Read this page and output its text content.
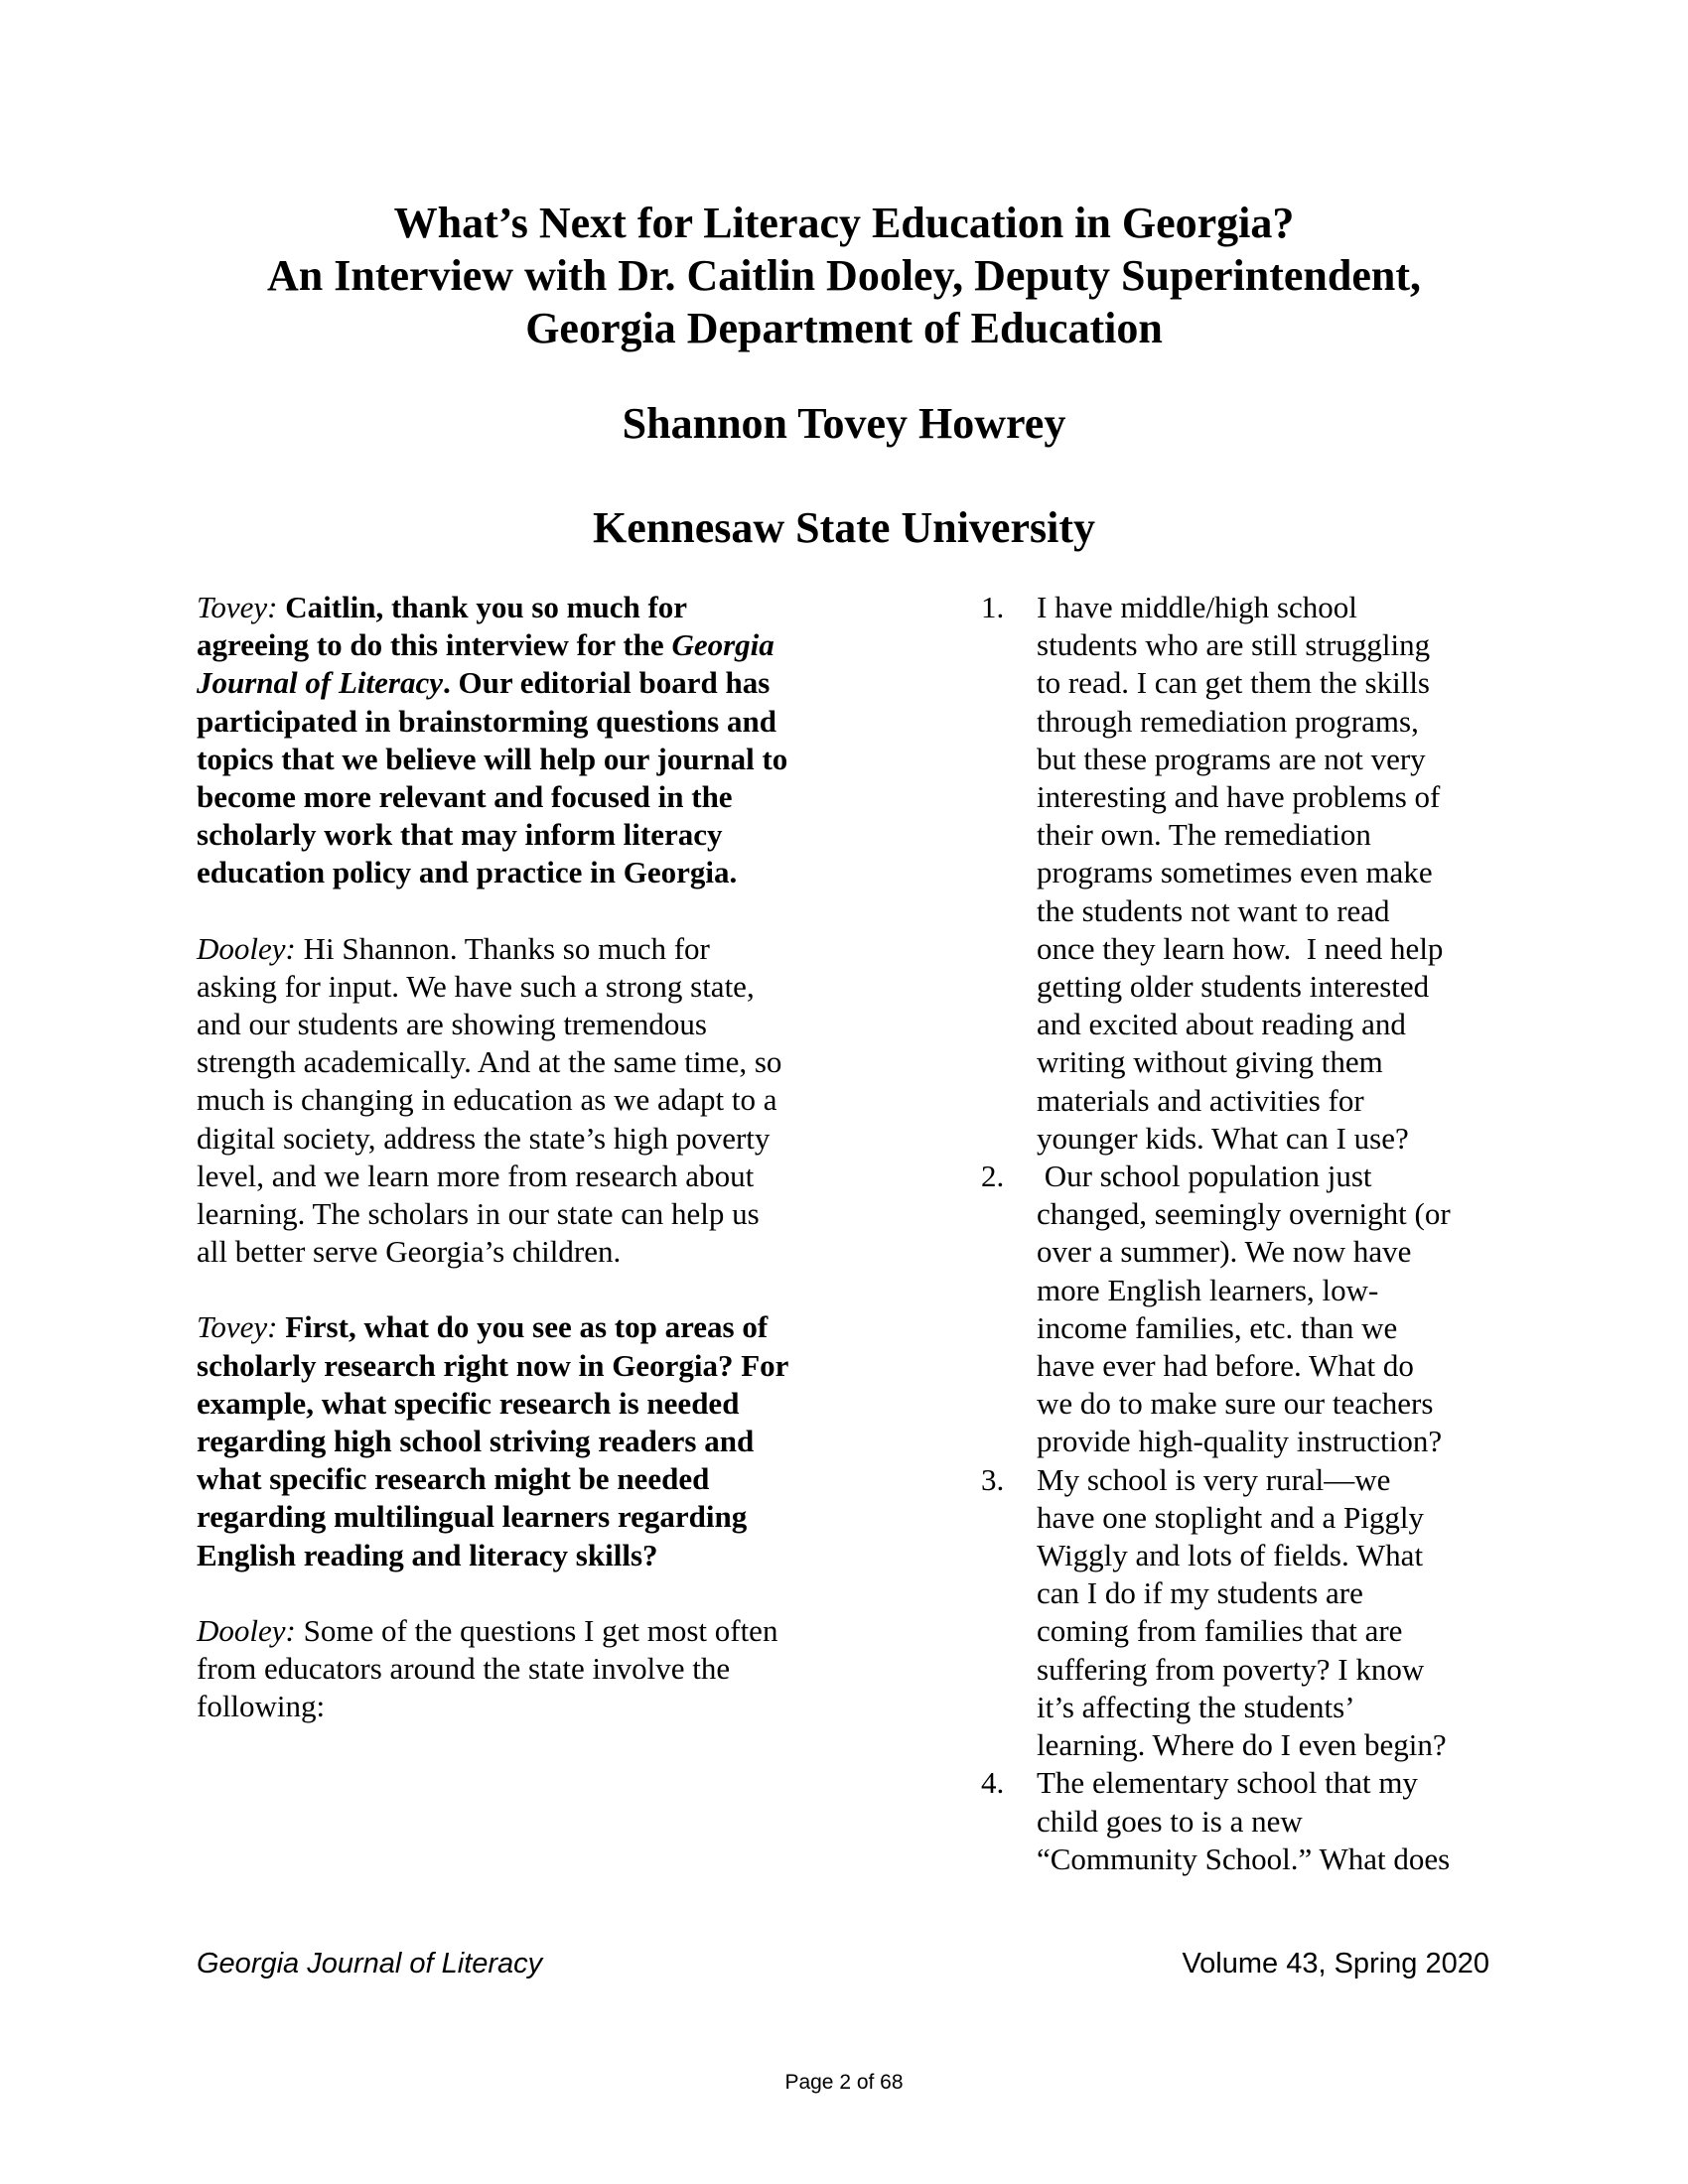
What’s Next for Literacy Education in Georgia?
An Interview with Dr. Caitlin Dooley, Deputy Superintendent,
Georgia Department of Education
Shannon Tovey Howrey
Kennesaw State University

Tovey: Caitlin, thank you so much for agreeing to do this interview for the Georgia Journal of Literacy. Our editorial board has participated in brainstorming questions and topics that we believe will help our journal to become more relevant and focused in the scholarly work that may inform literacy education policy and practice in Georgia.

Dooley: Hi Shannon. Thanks so much for asking for input. We have such a strong state, and our students are showing tremendous strength academically. And at the same time, so much is changing in education as we adapt to a digital society, address the state’s high poverty level, and we learn more from research about learning. The scholars in our state can help us all better serve Georgia’s children.

Tovey: First, what do you see as top areas of scholarly research right now in Georgia? For example, what specific research is needed regarding high school striving readers and what specific research might be needed regarding multilingual learners regarding English reading and literacy skills?

Dooley: Some of the questions I get most often from educators around the state involve the following:

1. I have middle/high school
students who are still struggling
to read. I can get them the skills
through remediation programs,
but these programs are not very
interesting and have problems of
their own. The remediation
programs sometimes even make
the students not want to read
once they learn how.  I need help
getting older students interested
and excited about reading and
writing without giving them
materials and activities for
younger kids. What can I use?
2. Our school population just
changed, seemingly overnight (or
over a summer). We now have
more English learners, low-
income families, etc. than we
have ever had before. What do
we do to make sure our teachers
provide high-quality instruction?
3. My school is very rural—we
have one stoplight and a Piggly
Wiggly and lots of fields. What
can I do if my students are
coming from families that are
suffering from poverty? I know
it’s affecting the students’
learning. Where do I even begin?
4. The elementary school that my
child goes to is a new
“Community School.” What does
Georgia Journal of Literacy	Volume 43, Spring 2020
Page 2 of 68
